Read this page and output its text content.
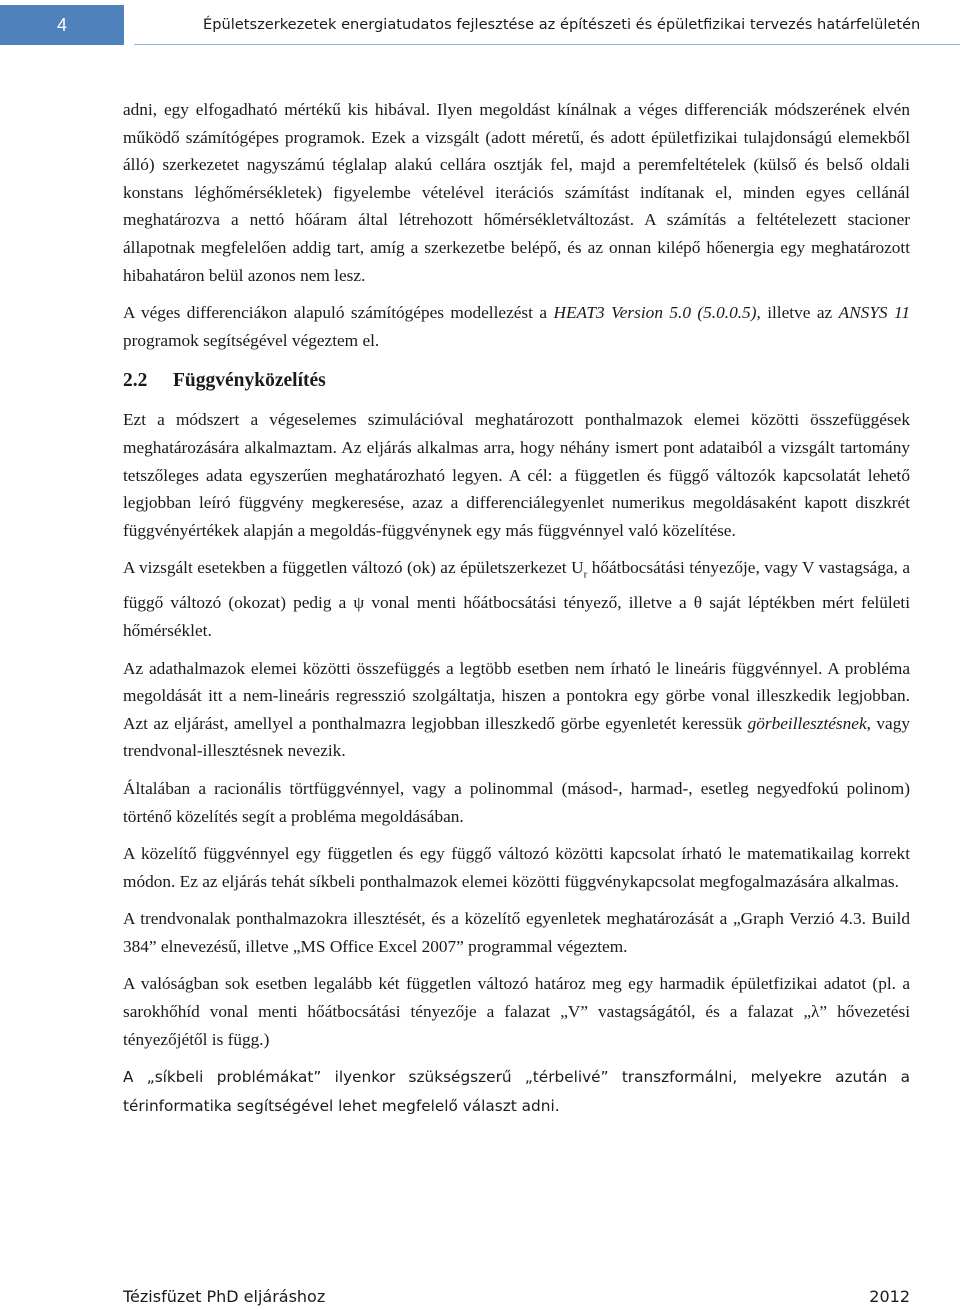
4	Épületszerkezetek energiatudatos fejlesztése az építészeti és épületfizikai tervezés határfelületén

adni, egy elfogadható mértékű kis hibával. Ilyen megoldást kínálnak a véges differenciák módszerének elvén működő számítógépes programok. Ezek a vizsgált (adott méretű, és adott épületfizikai tulajdonságú elemekből álló) szerkezetet nagyszámú téglalap alakú cellára osztják fel, majd a peremfeltételek (külső és belső oldali konstans léghőmérsékletek) figyelembe vételével iterációs számítást indítanak el, minden egyes cellánál meghatározva a nettó hőáram által létrehozott hőmérsékletváltozást. A számítás a feltételezett stacioner állapotnak megfelelően addig tart, amíg a szerkezetbe belépő, és az onnan kilépő hőenergia egy meghatározott hibahatáron belül azonos nem lesz.

A véges differenciákon alapuló számítógépes modellezést a HEAT3 Version 5.0 (5.0.0.5), illetve az ANSYS 11 programok segítségével végeztem el.

2.2 Függvényközelítés

Ezt a módszert a végeselemes szimulációval meghatározott ponthalmazok elemei közötti összefüggések meghatározására alkalmaztam. Az eljárás alkalmas arra, hogy néhány ismert pont adataiból a vizsgált tartomány tetszőleges adata egyszerűen meghatározható legyen. A cél: a független és függő változók kapcsolatát lehető legjobban leíró függvény megkeresése, azaz a differenciálegyenlet numerikus megoldásaként kapott diszkrét függvényértékek alapján a megoldás-függvénynek egy más függvénnyel való közelítése.

A vizsgált esetekben a független változó (ok) az épületszerkezet $U_r$ hőátbocsátási tényezője, vagy V vastagsága, a függő változó (okozat) pedig a ψ vonal menti hőátbocsátási tényező, illetve a θ saját léptékben mért felületi hőmérséklet.

Az adathalmazok elemei közötti összefüggés a legtöbb esetben nem írható le lineáris függvénnyel. A probléma megoldását itt a nem-lineáris regresszió szolgáltatja, hiszen a pontokra egy görbe vonal illeszkedik legjobban. Azt az eljárást, amellyel a ponthalmazra legjobban illeszkedő görbe egyenletét keressük görbeillesztésnek, vagy trendvonal-illesztésnek nevezik.

Általában a racionális törtfüggvénnyel, vagy a polinommal (másod-, harmad-, esetleg negyedfokú polinom) történő közelítés segít a probléma megoldásában.

A közelítő függvénnyel egy független és egy függő változó közötti kapcsolat írható le matematikailag korrekt módon. Ez az eljárás tehát síkbeli ponthalmazok elemei közötti függvénykapcsolat megfogalmazására alkalmas.

A trendvonalak ponthalmazokra illesztését, és a közelítő egyenletek meghatározását a „Graph Verzió 4.3. Build 384” elnevezésű, illetve „MS Office Excel 2007” programmal végeztem.

A valóságban sok esetben legalább két független változó határoz meg egy harmadik épületfizikai adatot (pl. a sarokhőhíd vonal menti hőátbocsátási tényezője a falazat „V” vastagságától, és a falazat „λ” hővezetési tényezőjétől is függ.)

A „síkbeli problémákat” ilyenkor szükségszerű „térbelivé” transzformálni, melyekre azután a térinformatika segítségével lehet megfelelő választ adni.

Tézisfüzet PhD eljáráshoz	2012
